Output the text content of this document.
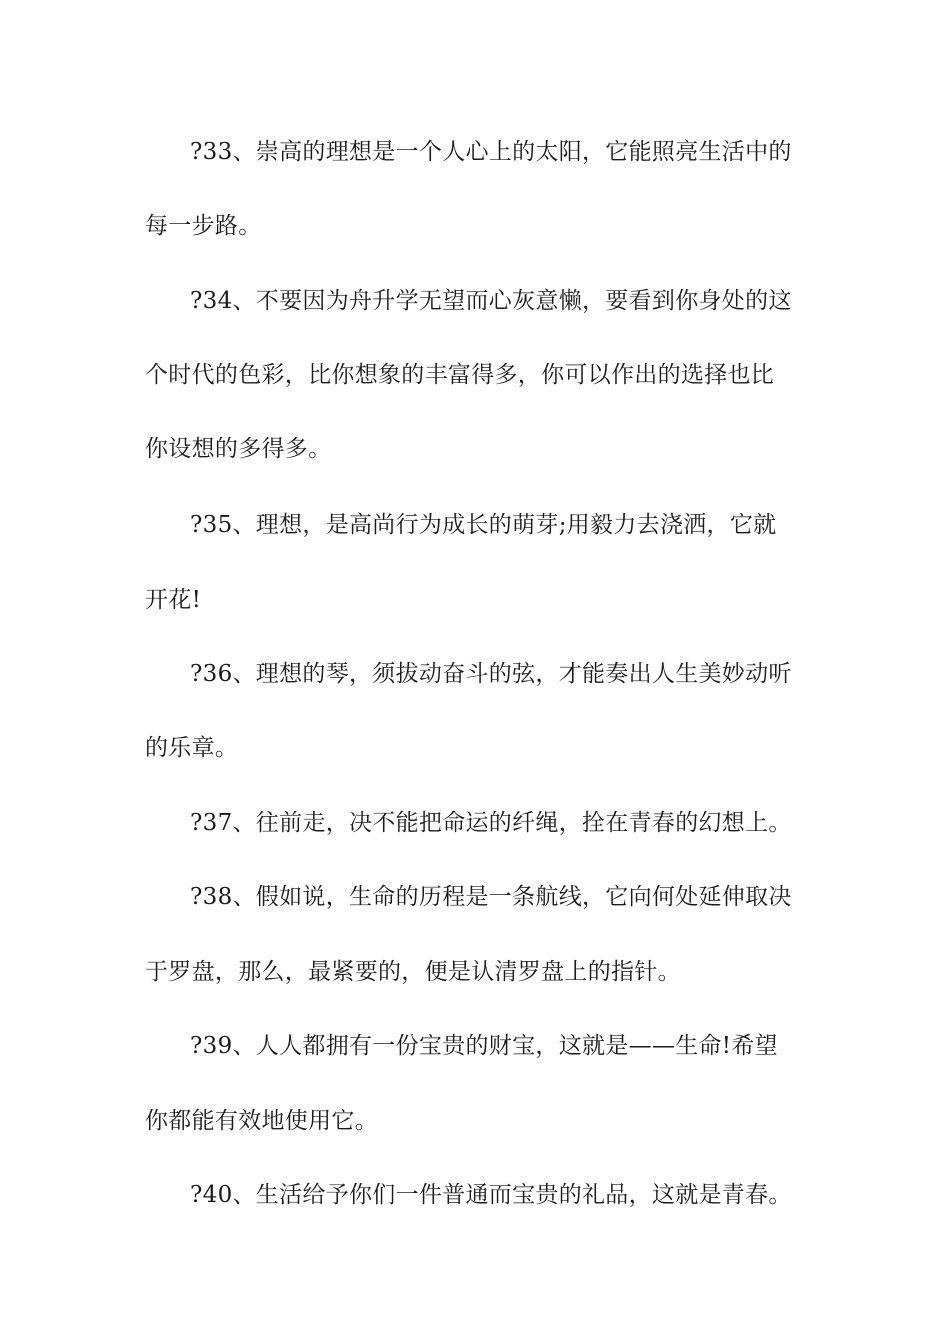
?33、崇高的理想是一个人心上的太阳，它能照亮生活中的
每一步路。
?34、不要因为舟升学无望而心灰意懒，要看到你身处的这
个时代的色彩，比你想象的丰富得多，你可以作出的选择也比
你设想的多得多。
?35、理想，是高尚行为成长的萌芽;用毅力去浇洒，它就
开花!
?36、理想的琴，须拔动奋斗的弦，才能奏出人生美妙动听
的乐章。
?37、往前走，决不能把命运的纤绳，拴在青春的幻想上。
?38、假如说，生命的历程是一条航线，它向何处延伸取决
于罗盘，那么，最紧要的，便是认清罗盘上的指针。
?39、人人都拥有一份宝贵的财宝，这就是——生命!希望
你都能有效地使用它。
?40、生活给予你们一件普通而宝贵的礼品，这就是青春。
